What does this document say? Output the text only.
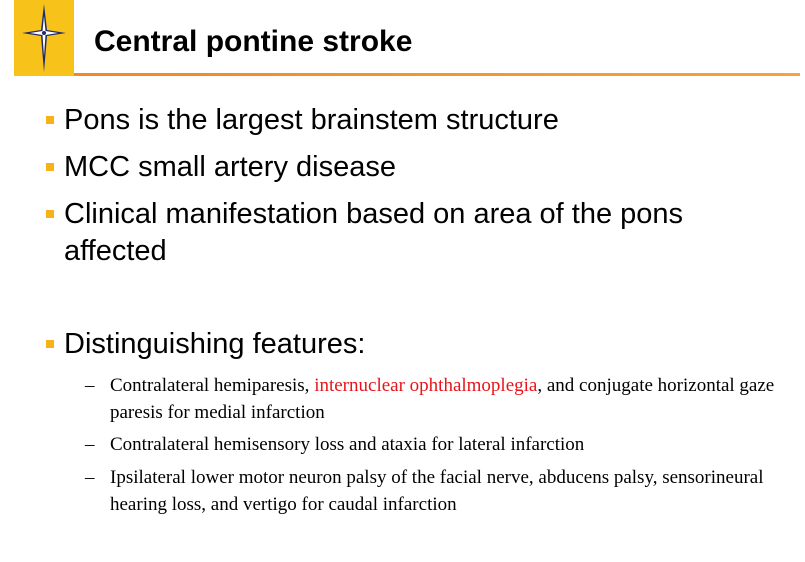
Central pontine stroke
Pons is the largest brainstem structure
MCC small artery disease
Clinical manifestation based on area of the pons affected
Distinguishing features:
– Contralateral hemiparesis, internuclear ophthalmoplegia, and conjugate horizontal gaze paresis for medial infarction
– Contralateral hemisensory loss and ataxia for lateral infarction
– Ipsilateral lower motor neuron palsy of the facial nerve, abducens palsy, sensorineural hearing loss, and vertigo for caudal infarction
